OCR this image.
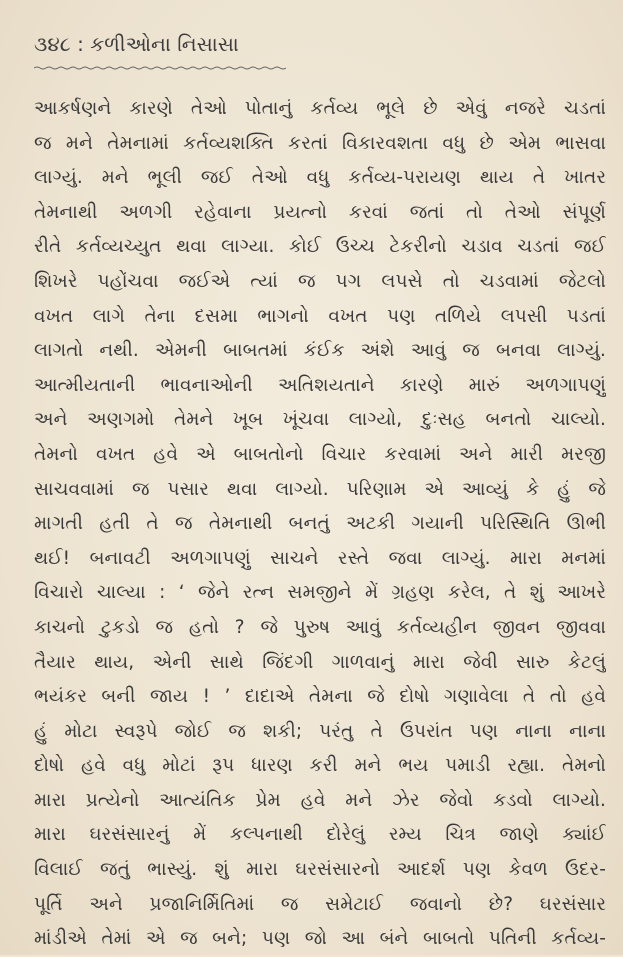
૩૪૮ : કળીઓના નિસાસા
આકર્ષણને કારણે તેઓ પોતાનું કર્તવ્ય ભૂલે છે એવું નજરે ચડતાં
જ મને તેમનામાં કર્તવ્યશક્તિ કરતાં વિકારવશતા વધુ છે એમ ભાસવા
લાગ્યું. મને ભૂલી જઈ તેઓ વધુ કર્તવ્ય-પરાયણ થાય તે ખાતર
તેમનાથી અળગી રહેવાના પ્રયત્નો કરવાં જતાં તો તેઓ સંપૂર્ણ
રીતે કર્તવ્યચ્યુત થવા લાગ્યા. કોઈ ઉચ્ચ ટેકરીનો ચડાવ ચડતાં જઈ
શિખરે પહોંચવા જઈએ ત્યાં જ પગ લપસે તો ચડવામાં જેટલો
વખત લાગે તેના દસમા ભાગનો વખત પણ તળિયે લપસી પડતાં
લાગતો નથી. એમની બાબતમાં કંઈક અંશે આવું જ બનવા લાગ્યું.
આત્મીયતાની ભાવનાઓની અતિશયતાને કારણે મારું અળગાપણું
અને અણગમો તેમને ખૂબ ખૂંચવા લાગ્યો, દુઃસહ બનતો ચાલ્યો.
તેમનો વખત હવે એ બાબતોનો વિચાર કરવામાં અને મારી મરજી
સાચવવામાં જ પસાર થવા લાગ્યો. પરિણામ એ આવ્યું કે હું જે
માગતી હતી તે જ તેમનાથી બનતું અટકી ગયાની પરિસ્થિતિ ઊભી
થઈ! બનાવટી અળગાપણું સાચને રસ્તે જવા લાગ્યું. મારા મનમાં
વિચારો ચાલ્યા : ‘ જેને રત્ન સમજીને મેં ગ્રહણ કરેલ, તે શું આખરે
કાચનો ટુકડો જ હતો ? જે પુરુષ આવું કર્તવ્યહીન જીવન જીવવા
તૈયાર થાય, એની સાથે જિંદગી ગાળવાનું મારા જેવી સારુ કેટલું
ભયંકર બની જાય ! ’ દાદાએ તેમના જે દોષો ગણાવેલા તે તો હવે
હું મોટા સ્વરૂપે જોઈ જ શકી; પરંતુ તે ઉપરાંત પણ નાના નાના
દોષો હવે વધુ મોટાં રૂપ ધારણ કરી મને ભય પમાડી રહ્યા. તેમનો
મારા પ્રત્યેનો આત્યંતિક પ્રેમ હવે મને ઝેર જેવો કડવો લાગ્યો.
મારા ઘરસંસારનું મેં કલ્પનાથી દોરેલું રમ્ય ચિત્ર જાણે ક્યાંઈ
વિલાઈ જતું ભાસ્યું. શું મારા ઘરસંસારનો આદર્શ પણ કેવળ ઉદર-
પૂર્તિ અને પ્રજાનિર્મિતિમાં જ સમેટાઈ જવાનો છે? ઘરસંસાર
માંડીએ તેમાં એ જ બને; પણ જો આ બંને બાબતો પતિની કર્તવ્ય-
